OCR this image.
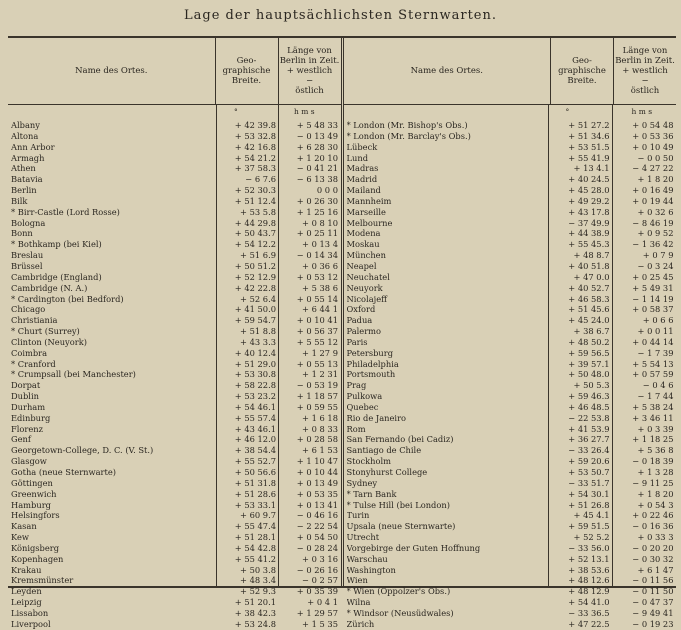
Lage der hauptsächlichsten Sternwarten.
Name des Ortes.
Geo-graphische Breite.
Länge von Berlin in Zeit.
+ westlich
−
östlich
°	h m s
Albany	+ 42 39.8	+ 5 48 33
Altona	+ 53 32.8	− 0 13 49
Ann Arbor	+ 42 16.8	+ 6 28 30
Armagh	+ 54 21.2	+ 1 20 10
Athen	+ 37 58.3	− 0 41 21
Batavia	− 6 7.6	− 6 13 38
Berlin	+ 52 30.3	0 0 0
Bilk	+ 51 12.4	+ 0 26 30
* Birr-Castle (Lord Rosse)	+ 53 5.8	+ 1 25 16
Bologna	+ 44 29.8	+ 0 8 10
Bonn	+ 50 43.7	+ 0 25 11
* Bothkamp (bei Kiel)	+ 54 12.2	+ 0 13 4
Breslau	+ 51 6.9	− 0 14 34
Brüssel	+ 50 51.2	+ 0 36 6
Cambridge (England)	+ 52 12.9	+ 0 53 12
Cambridge (N. A.)	+ 42 22.8	+ 5 38 6
* Cardington (bei Bedford)	+ 52 6.4	+ 0 55 14
Chicago	+ 41 50.0	+ 6 44 1
Christiania	+ 59 54.7	+ 0 10 41
* Churt (Surrey)	+ 51 8.8	+ 0 56 37
Clinton (Neuyork)	+ 43 3.3	+ 5 55 12
Coimbra	+ 40 12.4	+ 1 27 9
* Cranford	+ 51 29.0	+ 0 55 13
* Crumpsall (bei Manchester)	+ 53 30.8	+ 1 2 31
Dorpat	+ 58 22.8	− 0 53 19
Dublin	+ 53 23.2	+ 1 18 57
Durham	+ 54 46.1	+ 0 59 55
Edinburg	+ 55 57.4	+ 1 6 18
Florenz	+ 43 46.1	+ 0 8 33
Genf	+ 46 12.0	+ 0 28 58
Georgetown-College, D. C. (V. St.)	+ 38 54.4	+ 6 1 53
Glasgow	+ 55 52.7	+ 1 10 47
Gotha (neue Sternwarte)	+ 50 56.6	+ 0 10 44
Göttingen	+ 51 31.8	+ 0 13 49
Greenwich	+ 51 28.6	+ 0 53 35
Hamburg	+ 53 33.1	+ 0 13 41
Helsingfors	+ 60 9.7	− 0 46 16
Kasan	+ 55 47.4	− 2 22 54
Kew	+ 51 28.1	+ 0 54 50
Königsberg	+ 54 42.8	− 0 28 24
Kopenhagen	+ 55 41.2	+ 0 3 16
Krakau	+ 50 3.8	− 0 26 16
Kremsmünster	+ 48 3.4	− 0 2 57
Leyden	+ 52 9.3	+ 0 35 39
Leipzig	+ 51 20.1	+ 0 4 1
Lissabon	+ 38 42.3	+ 1 29 57
Liverpool	+ 53 24.8	+ 1 5 35
Name des Ortes.
Geo-graphische Breite.
Länge von Berlin in Zeit.
+ westlich
−
östlich
°	h m s
* London (Mr. Bishop's Obs.)	+ 51 27.2	+ 0 54 48
* London (Mr. Barclay's Obs.)	+ 51 34.6	+ 0 53 36
Lübeck	+ 53 51.5	+ 0 10 49
Lund	+ 55 41.9	− 0 0 50
Madras	+ 13 4.1	− 4 27 22
Madrid	+ 40 24.5	+ 1 8 20
Mailand	+ 45 28.0	+ 0 16 49
Mannheim	+ 49 29.2	+ 0 19 44
Marseille	+ 43 17.8	+ 0 32 6
Melbourne	− 37 49.9	− 8 46 19
Modena	+ 44 38.9	+ 0 9 52
Moskau	+ 55 45.3	− 1 36 42
München	+ 48 8.7	+ 0 7 9
Neapel	+ 40 51.8	− 0 3 24
Neuchatel	+ 47 0.0	+ 0 25 45
Neuyork	+ 40 52.7	+ 5 49 31
Nicolajeff	+ 46 58.3	− 1 14 19
Oxford	+ 51 45.6	+ 0 58 37
Padua	+ 45 24.0	+ 0 6 6
Palermo	+ 38 6.7	+ 0 0 11
Paris	+ 48 50.2	+ 0 44 14
Petersburg	+ 59 56.5	− 1 7 39
Philadelphia	+ 39 57.1	+ 5 54 13
Portsmouth	+ 50 48.0	+ 0 57 59
Prag	+ 50 5.3	− 0 4 6
Pulkowa	+ 59 46.3	− 1 7 44
Quebec	+ 46 48.5	+ 5 38 24
Rio de Janeiro	− 22 53.8	+ 3 46 11
Rom	+ 41 53.9	+ 0 3 39
San Fernando (bei Cadiz)	+ 36 27.7	+ 1 18 25
Santiago de Chile	− 33 26.4	+ 5 36 8
Stockholm	+ 59 20.6	− 0 18 39
Stonyhurst College	+ 53 50.7	+ 1 3 28
Sydney	− 33 51.7	− 9 11 25
* Tarn Bank	+ 54 30.1	+ 1 8 20
* Tulse Hill (bei London)	+ 51 26.8	+ 0 54 3
Turin	+ 45 4.1	+ 0 22 46
Upsala (neue Sternwarte)	+ 59 51.5	− 0 16 36
Utrecht	+ 52 5.2	+ 0 33 3
Vorgebirge der Guten Hoffnung	− 33 56.0	− 0 20 20
Warschau	+ 52 13.1	− 0 30 32
Washington	+ 38 53.6	+ 6 1 47
Wien	+ 48 12.6	− 0 11 56
* Wien (Oppolzer's Obs.)	+ 48 12.9	− 0 11 50
Wilna	+ 54 41.0	− 0 47 37
* Windsor (Neusüdwales)	− 33 36.5	− 9 49 41
Zürich	+ 47 22.5	− 0 19 23
